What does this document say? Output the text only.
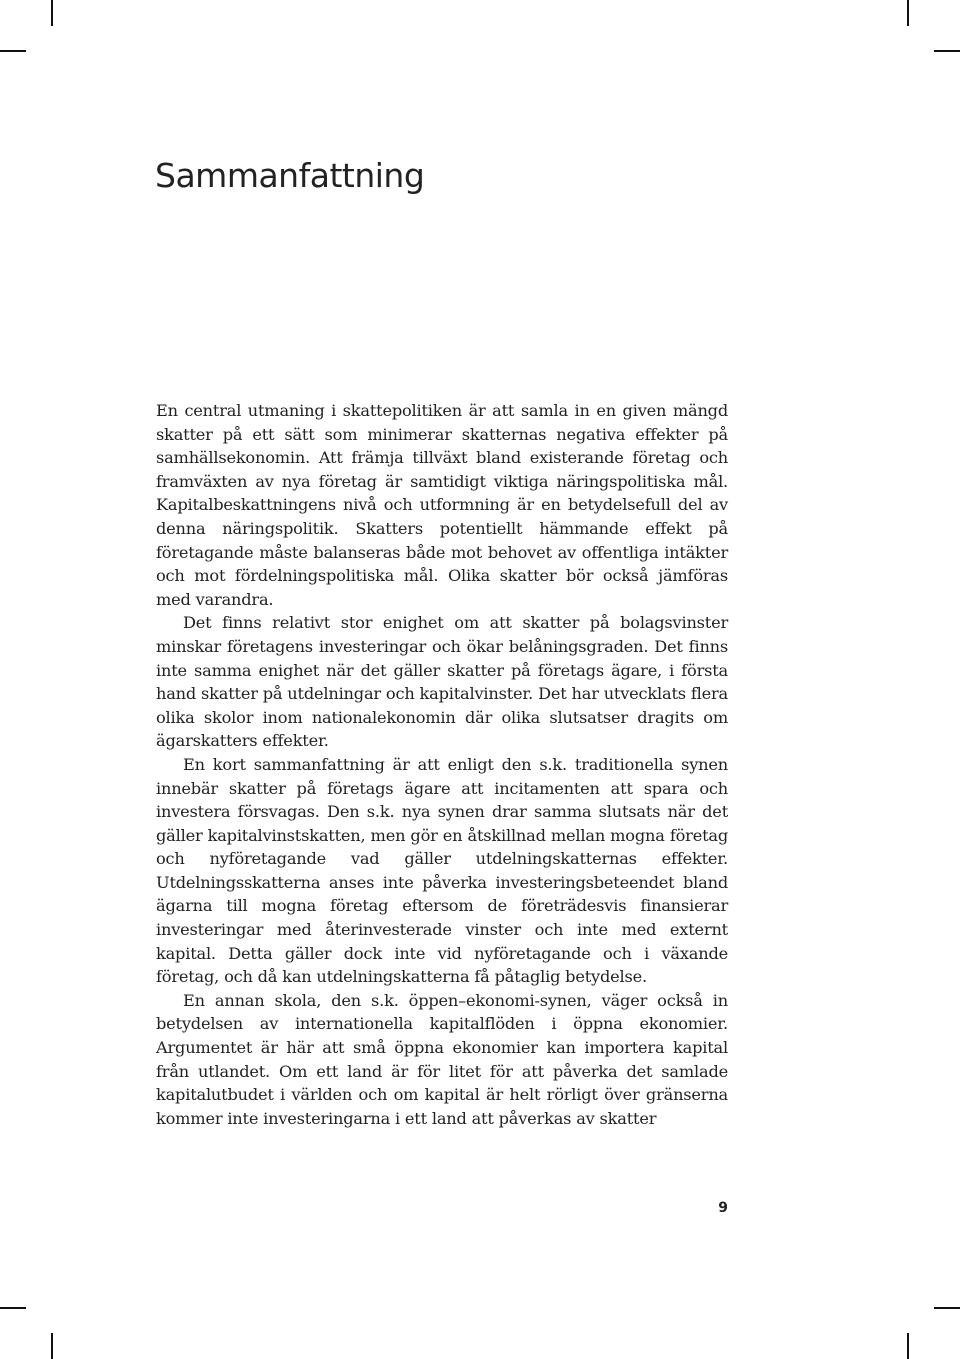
Sammanfattning

En central utmaning i skattepolitiken är att samla in en given mängd skatter på ett sätt som minimerar skatternas negativa effekter på samhällsekonomin. Att främja tillväxt bland existerande företag och framväxten av nya företag är samtidigt viktiga näringspolitiska mål. Kapitalbeskattningens nivå och utformning är en betydelsefull del av denna näringspolitik. Skatters potentiellt hämmande effekt på företagande måste balanseras både mot behovet av offentliga intäkter och mot fördelningspolitiska mål. Olika skatter bör också jämföras med varandra.

Det finns relativt stor enighet om att skatter på bolagsvinster minskar företagens investeringar och ökar belåningsgraden. Det finns inte samma enighet när det gäller skatter på företags ägare, i första hand skatter på utdelningar och kapitalvinster. Det har utvecklats flera olika skolor inom nationalekonomin där olika slutsatser dragits om ägarskatters effekter.

En kort sammanfattning är att enligt den s.k. traditionella synen innebär skatter på företags ägare att incitamenten att spara och investera försvagas. Den s.k. nya synen drar samma slutsats när det gäller kapitalvinstskatten, men gör en åtskillnad mellan mogna företag och nyföretagande vad gäller utdelningskatternas effekter. Utdelningsskatterna anses inte påverka investeringsbeteendet bland ägarna till mogna företag eftersom de företrädesvis finansierar investeringar med återinvesterade vinster och inte med externt kapital. Detta gäller dock inte vid nyföretagande och i växande företag, och då kan utdelningskatterna få påtaglig betydelse.

En annan skola, den s.k. öppen–ekonomi-synen, väger också in betydelsen av internationella kapitalflöden i öppna ekonomier. Argumentet är här att små öppna ekonomier kan importera kapital från utlandet. Om ett land är för litet för att påverka det samlade kapitalutbudet i världen och om kapital är helt rörligt över gränserna kommer inte investeringarna i ett land att påverkas av skatter

9
